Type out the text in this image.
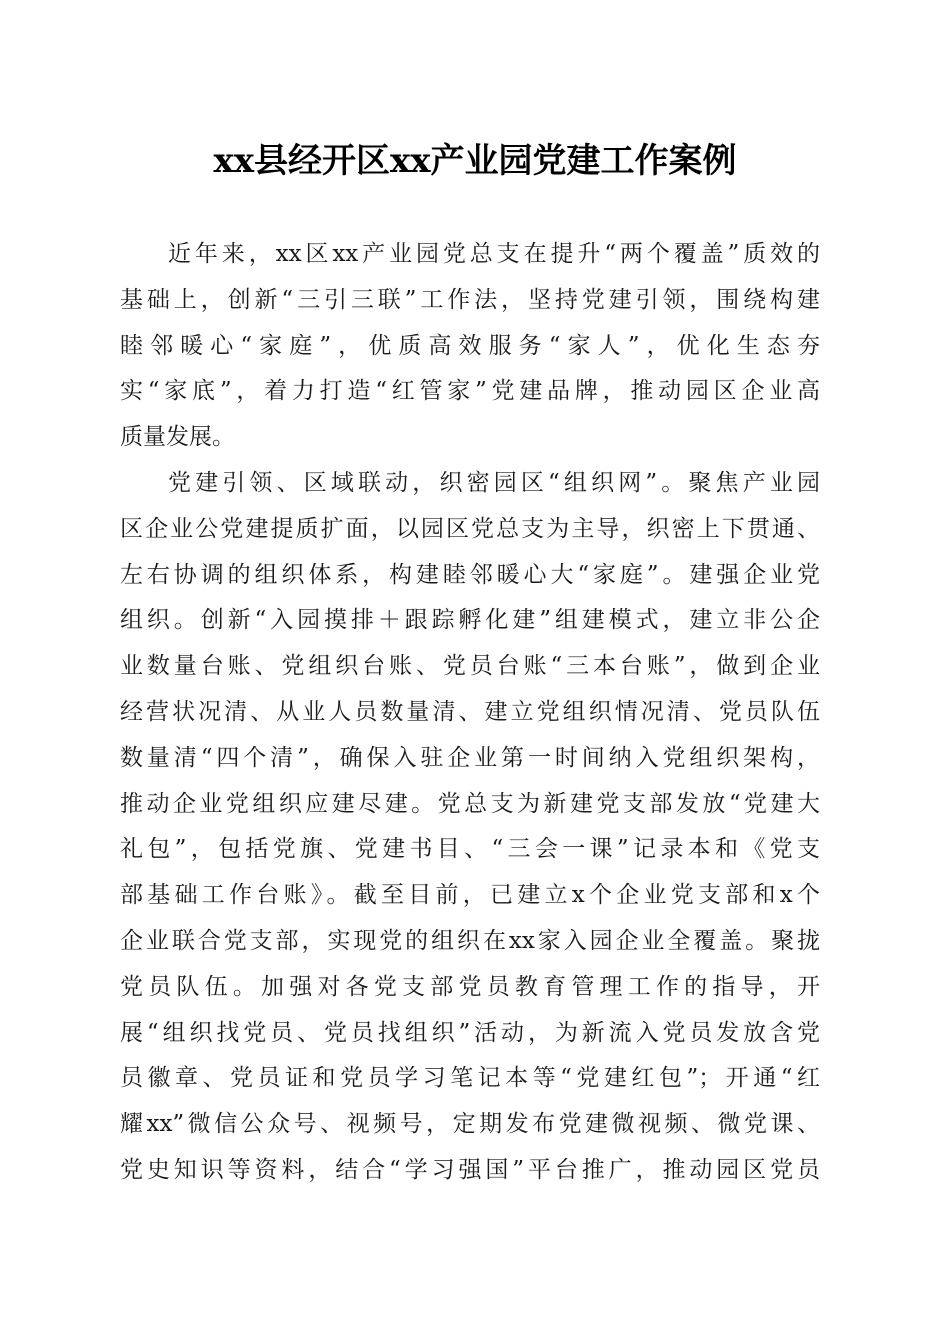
xx县经开区xx产业园党建工作案例
近年来，xx区xx产业园党总支在提升“两个覆盖”质效的
基础上，创新“三引三联”工作法，坚持党建引领，围绕构建
睦邻暖心“家庭”，优质高效服务“家人”，优化生态夯
实“家底”，着力打造“红管家”党建品牌，推动园区企业高
质量发展。
党建引领、区域联动，织密园区“组织网”。聚焦产业园
区企业公党建提质扩面，以园区党总支为主导，织密上下贯通、
左右协调的组织体系，构建睦邻暖心大“家庭”。建强企业党
组织。创新“入园摸排＋跟踪孵化建”组建模式，建立非公企
业数量台账、党组织台账、党员台账“三本台账”，做到企业
经营状况清、从业人员数量清、建立党组织情况清、党员队伍
数量清“四个清”，确保入驻企业第一时间纳入党组织架构，
推动企业党组织应建尽建。党总支为新建党支部发放“党建大
礼包”，包括党旗、党建书目、“三会一课”记录本和《党支
部基础工作台账》。截至目前，已建立x个企业党支部和x个
企业联合党支部，实现党的组织在xx家入园企业全覆盖。聚拢
党员队伍。加强对各党支部党员教育管理工作的指导，开
展“组织找党员、党员找组织”活动，为新流入党员发放含党
员徽章、党员证和党员学习笔记本等“党建红包”；开通“红
耀xx”微信公众号、视频号，定期发布党建微视频、微党课、
党史知识等资料，结合“学习强国”平台推广，推动园区党员
